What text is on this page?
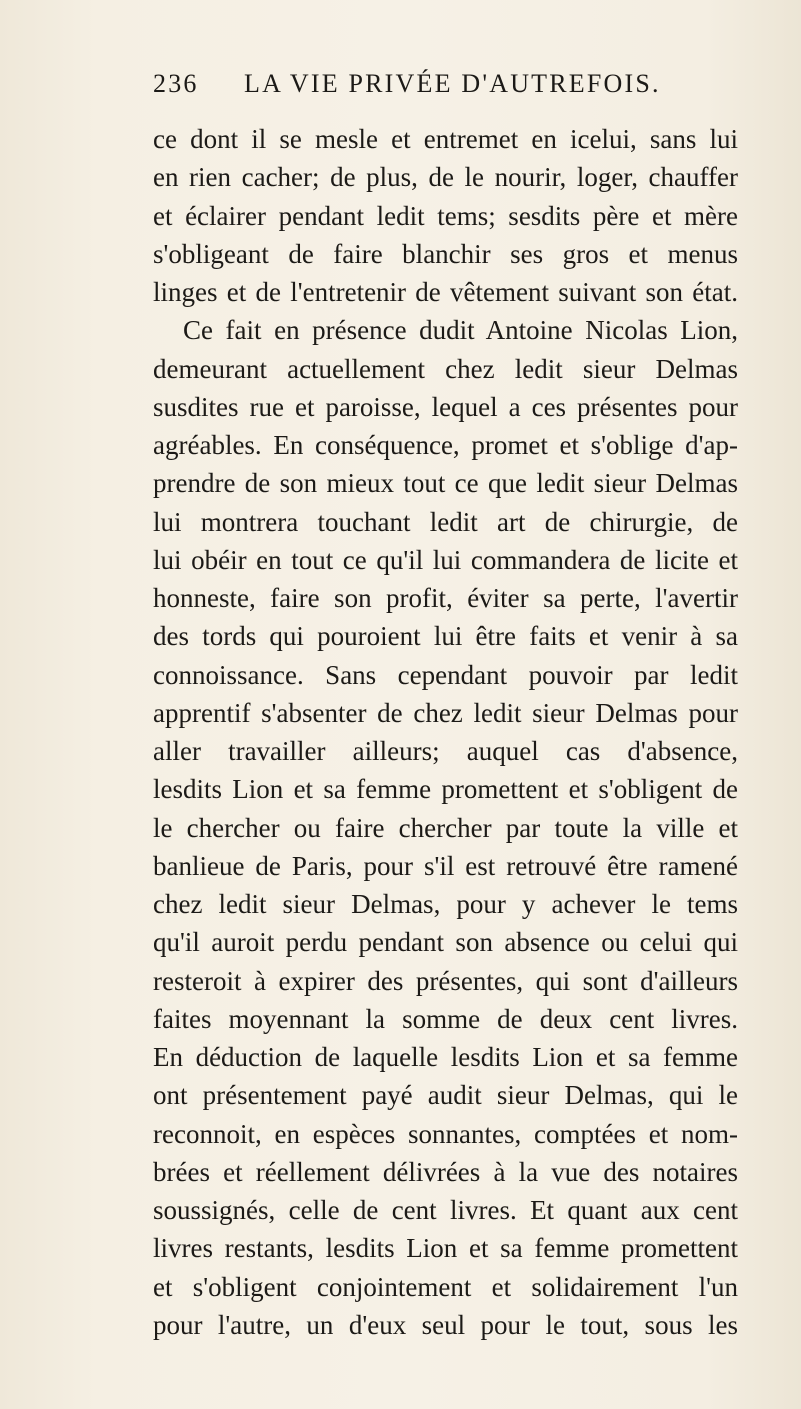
236 LA VIE PRIVÉE D'AUTREFOIS.
ce dont il se mesle et entremet en icelui, sans lui
en rien cacher; de plus, de le nourir, loger, chauffer
et éclairer pendant ledit tems; sesdits père et mère
s'obligeant de faire blanchir ses gros et menus
linges et de l'entretenir de vêtement suivant son état.
Ce fait en présence dudit Antoine Nicolas Lion,
demeurant actuellement chez ledit sieur Delmas
susdites rue et paroisse, lequel a ces présentes pour
agréables. En conséquence, promet et s'oblige d'ap-
prendre de son mieux tout ce que ledit sieur Delmas
lui montrera touchant ledit art de chirurgie, de
lui obéir en tout ce qu'il lui commandera de licite et
honneste, faire son profit, éviter sa perte, l'avertir
des tords qui pouroient lui être faits et venir à sa
connoissance. Sans cependant pouvoir par ledit
apprentif s'absenter de chez ledit sieur Delmas pour
aller travailler ailleurs; auquel cas d'absence,
lesdits Lion et sa femme promettent et s'obligent de
le chercher ou faire chercher par toute la ville et
banlieue de Paris, pour s'il est retrouvé être ramené
chez ledit sieur Delmas, pour y achever le tems
qu'il auroit perdu pendant son absence ou celui qui
resteroit à expirer des présentes, qui sont d'ailleurs
faites moyennant la somme de deux cent livres.
En déduction de laquelle lesdits Lion et sa femme
ont présentement payé audit sieur Delmas, qui le
reconnoit, en espèces sonnantes, comptées et nom-
brées et réellement délivrées à la vue des notaires
soussignés, celle de cent livres. Et quant aux cent
livres restants, lesdits Lion et sa femme promettent
et s'obligent conjointement et solidairement l'un
pour l'autre, un d'eux seul pour le tout, sous les
